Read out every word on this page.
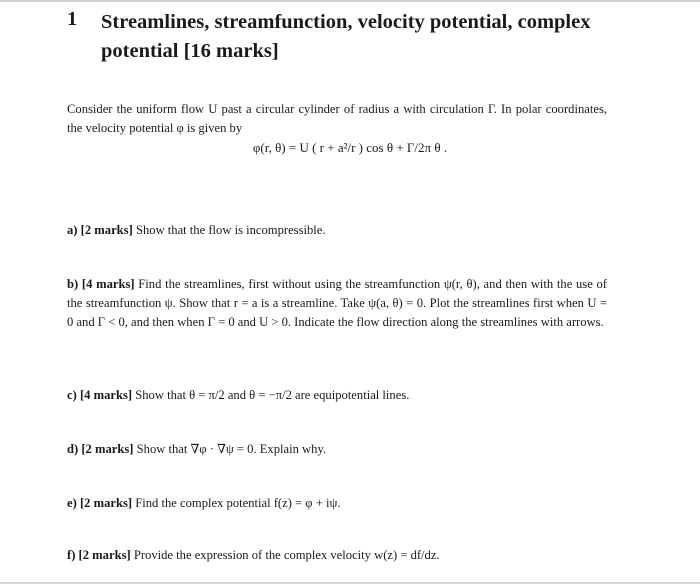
1 Streamlines, streamfunction, velocity potential, complex potential [16 marks]
Consider the uniform flow U past a circular cylinder of radius a with circulation Γ. In polar coordinates, the velocity potential φ is given by
φ(r, θ) = U ( r + a²/r ) cos θ + Γ/2π θ .
a) [2 marks] Show that the flow is incompressible.
b) [4 marks] Find the streamlines, first without using the streamfunction ψ(r, θ), and then with the use of the streamfunction ψ. Show that r = a is a streamline. Take ψ(a, θ) = 0. Plot the streamlines first when U = 0 and Γ < 0, and then when Γ = 0 and U > 0. Indicate the flow direction along the streamlines with arrows.
c) [4 marks] Show that θ = π/2 and θ = −π/2 are equipotential lines.
d) [2 marks] Show that ∇φ · ∇ψ = 0. Explain why.
e) [2 marks] Find the complex potential f(z) = φ + iψ.
f) [2 marks] Provide the expression of the complex velocity w(z) = df/dz.
